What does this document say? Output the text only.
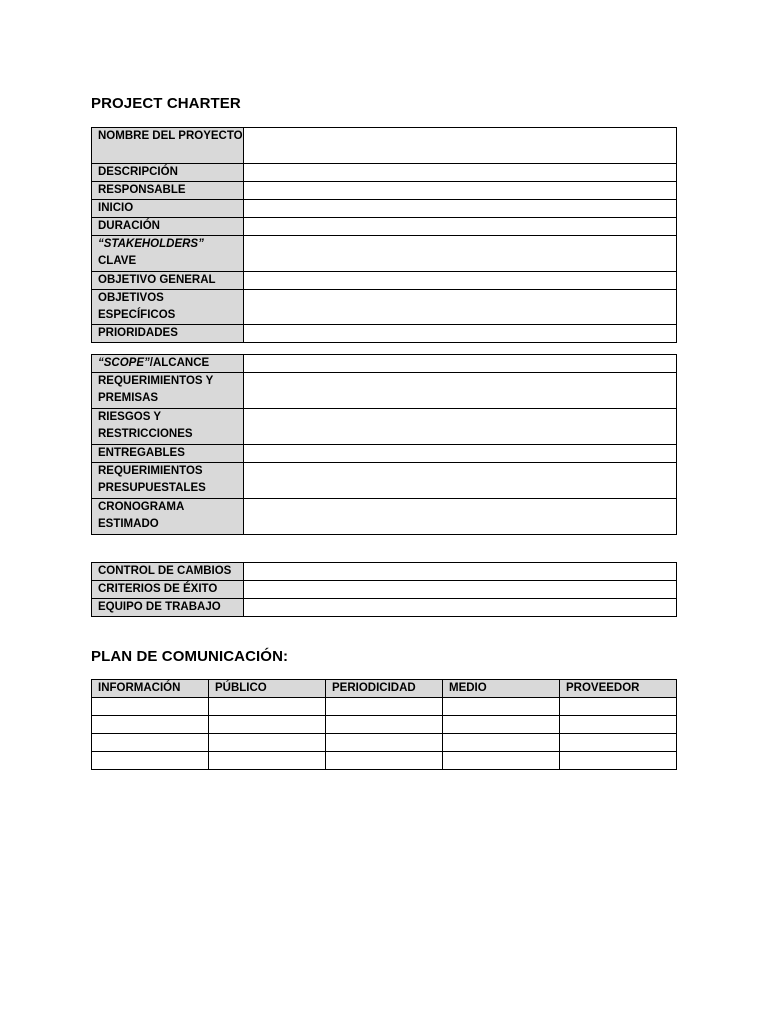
PROJECT CHARTER
NOMBRE DEL PROYECTO	
DESCRIPCIÓN	
RESPONSABLE	
INICIO	
DURACIÓN	
“STAKEHOLDERS” CLAVE	
OBJETIVO GENERAL	
OBJETIVOS ESPECÍFICOS	
PRIORIDADES	
“SCOPE”/ALCANCE	
REQUERIMIENTOS Y PREMISAS	
RIESGOS Y RESTRICCIONES	
ENTREGABLES	
REQUERIMIENTOS PRESUPUESTALES	
CRONOGRAMA ESTIMADO	
CONTROL DE CAMBIOS	
CRITERIOS DE ÉXITO	
EQUIPO DE TRABAJO	
PLAN DE COMUNICACIÓN:
INFORMACIÓN	PÚBLICO	PERIODICIDAD	MEDIO	PROVEEDOR
